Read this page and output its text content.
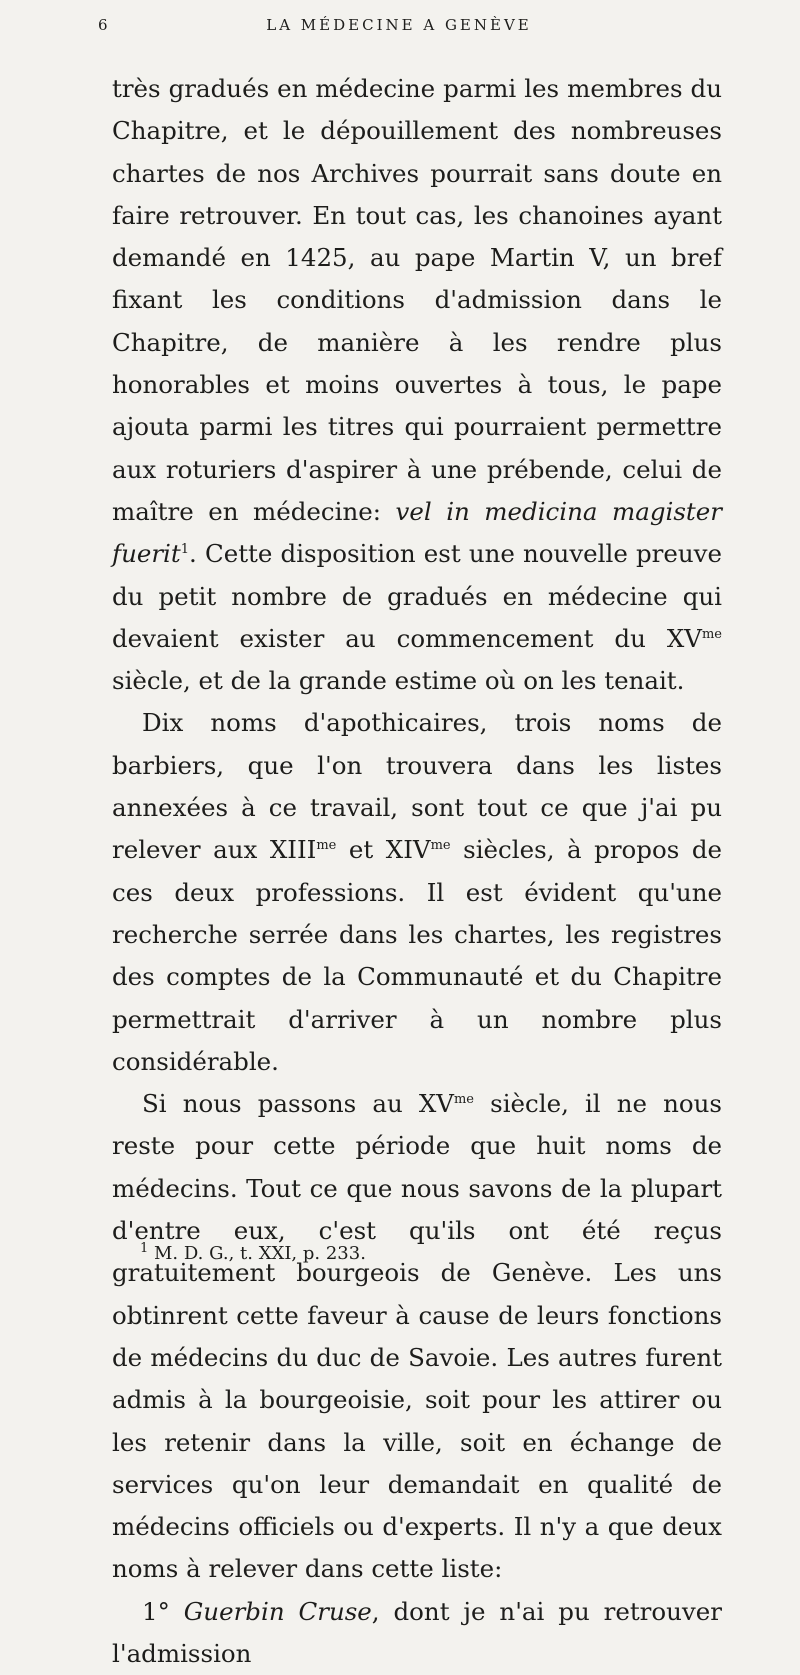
6	LA MÉDECINE A GENÈVE

très gradués en médecine parmi les membres du Chapitre, et le dépouillement des nombreuses chartes de nos Archives pourrait sans doute en faire retrouver. En tout cas, les chanoines ayant demandé en 1425, au pape Martin V, un bref fixant les conditions d'admission dans le Chapitre, de manière à les rendre plus honorables et moins ouvertes à tous, le pape ajouta parmi les titres qui pourraient permettre aux roturiers d'aspirer à une prébende, celui de maître en médecine: vel in medicina magister fuerit$^1$. Cette disposition est une nouvelle preuve du petit nombre de gradués en médecine qui devaient exister au commencement du $XV^{me}$ siècle, et de la grande estime où on les tenait.

Dix noms d'apothicaires, trois noms de barbiers, que l'on trouvera dans les listes annexées à ce travail, sont tout ce que j'ai pu relever aux $XIII^{me}$ et $XIV^{me}$ siècles, à propos de ces deux professions. Il est évident qu'une recherche serrée dans les chartes, les registres des comptes de la Communauté et du Chapitre permettrait d'arriver à un nombre plus considérable.

Si nous passons au $XV^{me}$ siècle, il ne nous reste pour cette période que huit noms de médecins. Tout ce que nous savons de la plupart d'entre eux, c'est qu'ils ont été reçus gratuitement bourgeois de Genève. Les uns obtinrent cette faveur à cause de leurs fonctions de médecins du duc de Savoie. Les autres furent admis à la bourgeoisie, soit pour les attirer ou les retenir dans la ville, soit en échange de services qu'on leur demandait en qualité de médecins officiels ou d'experts. Il n'y a que deux noms à relever dans cette liste:

1° Guerbin Cruse, dont je n'ai pu retrouver l'admission

$^1$ M. D. G., t. XXI, p. 233.
